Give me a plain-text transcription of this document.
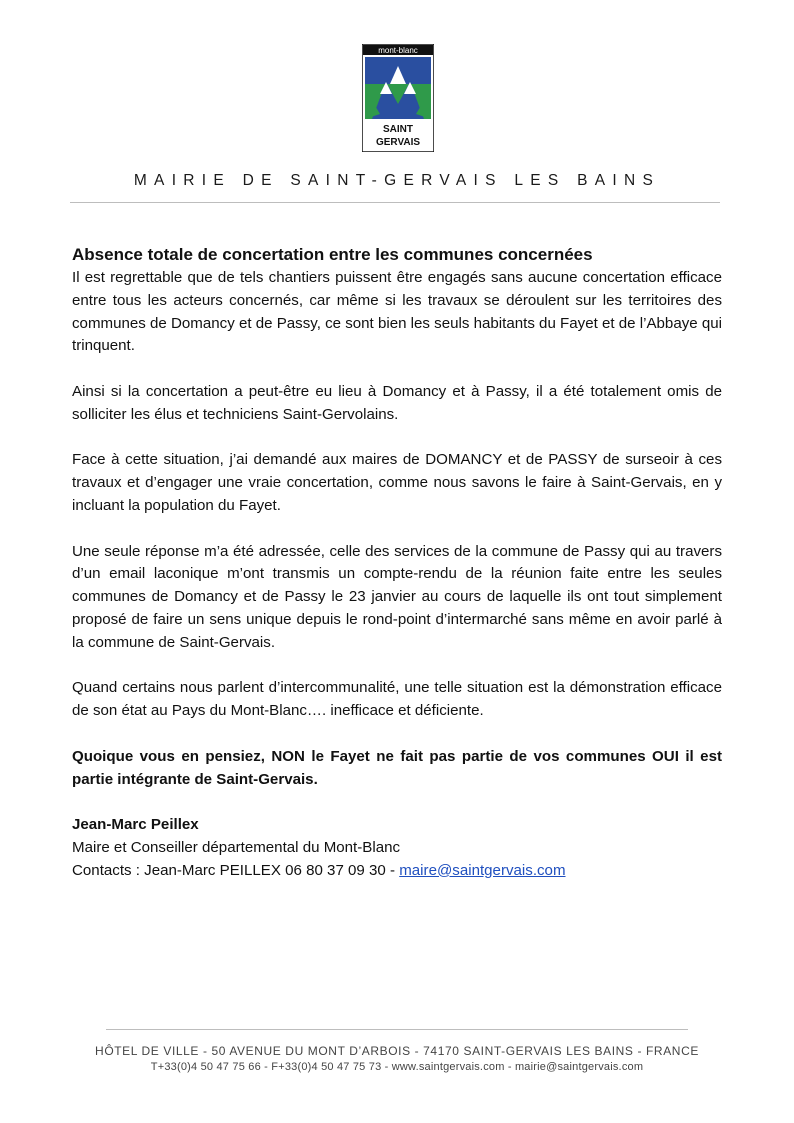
mont-blanc
SAINT
GERVAIS
MAIRIE DE SAINT-GERVAIS LES BAINS

Absence totale de concertation entre les communes concernées

Il est regrettable que de tels chantiers puissent être engagés sans aucune concertation efficace entre tous les acteurs concernés, car même si les travaux se déroulent sur les territoires des communes de Domancy et de Passy, ce sont bien les seuls habitants du Fayet et de l’Abbaye qui trinquent.

Ainsi si la concertation a peut-être eu lieu à Domancy et à Passy, il a été totalement omis de solliciter les élus et techniciens Saint-Gervolains.

Face à cette situation, j’ai demandé aux maires de DOMANCY et de PASSY de surseoir à ces travaux et d’engager une vraie concertation, comme nous savons le faire à Saint-Gervais, en y incluant la population du Fayet.

Une seule réponse m’a été adressée, celle des services de la commune de Passy qui au travers d’un email laconique m’ont transmis un compte-rendu de la réunion faite entre les seules communes de Domancy et de Passy le 23 janvier au cours de laquelle ils ont tout simplement proposé de faire un sens unique depuis le rond-point d’intermarché sans même en avoir parlé à la commune de Saint-Gervais.

Quand certains nous parlent d’intercommunalité, une telle situation est la démonstration efficace de son état au Pays du Mont-Blanc…. inefficace et déficiente.

Quoique vous en pensiez, NON le Fayet ne fait pas partie de vos communes OUI il est partie intégrante de Saint-Gervais.

Jean-Marc Peillex
Maire et Conseiller départemental du Mont-Blanc
Contacts : Jean-Marc PEILLEX 06 80 37 09 30 - maire@saintgervais.com
HÔTEL DE VILLE - 50 AVENUE DU MONT D’ARBOIS - 74170 SAINT-GERVAIS LES BAINS - FRANCE
T+33(0)4 50 47 75 66 - F+33(0)4 50 47 75 73 - www.saintgervais.com - mairie@saintgervais.com
